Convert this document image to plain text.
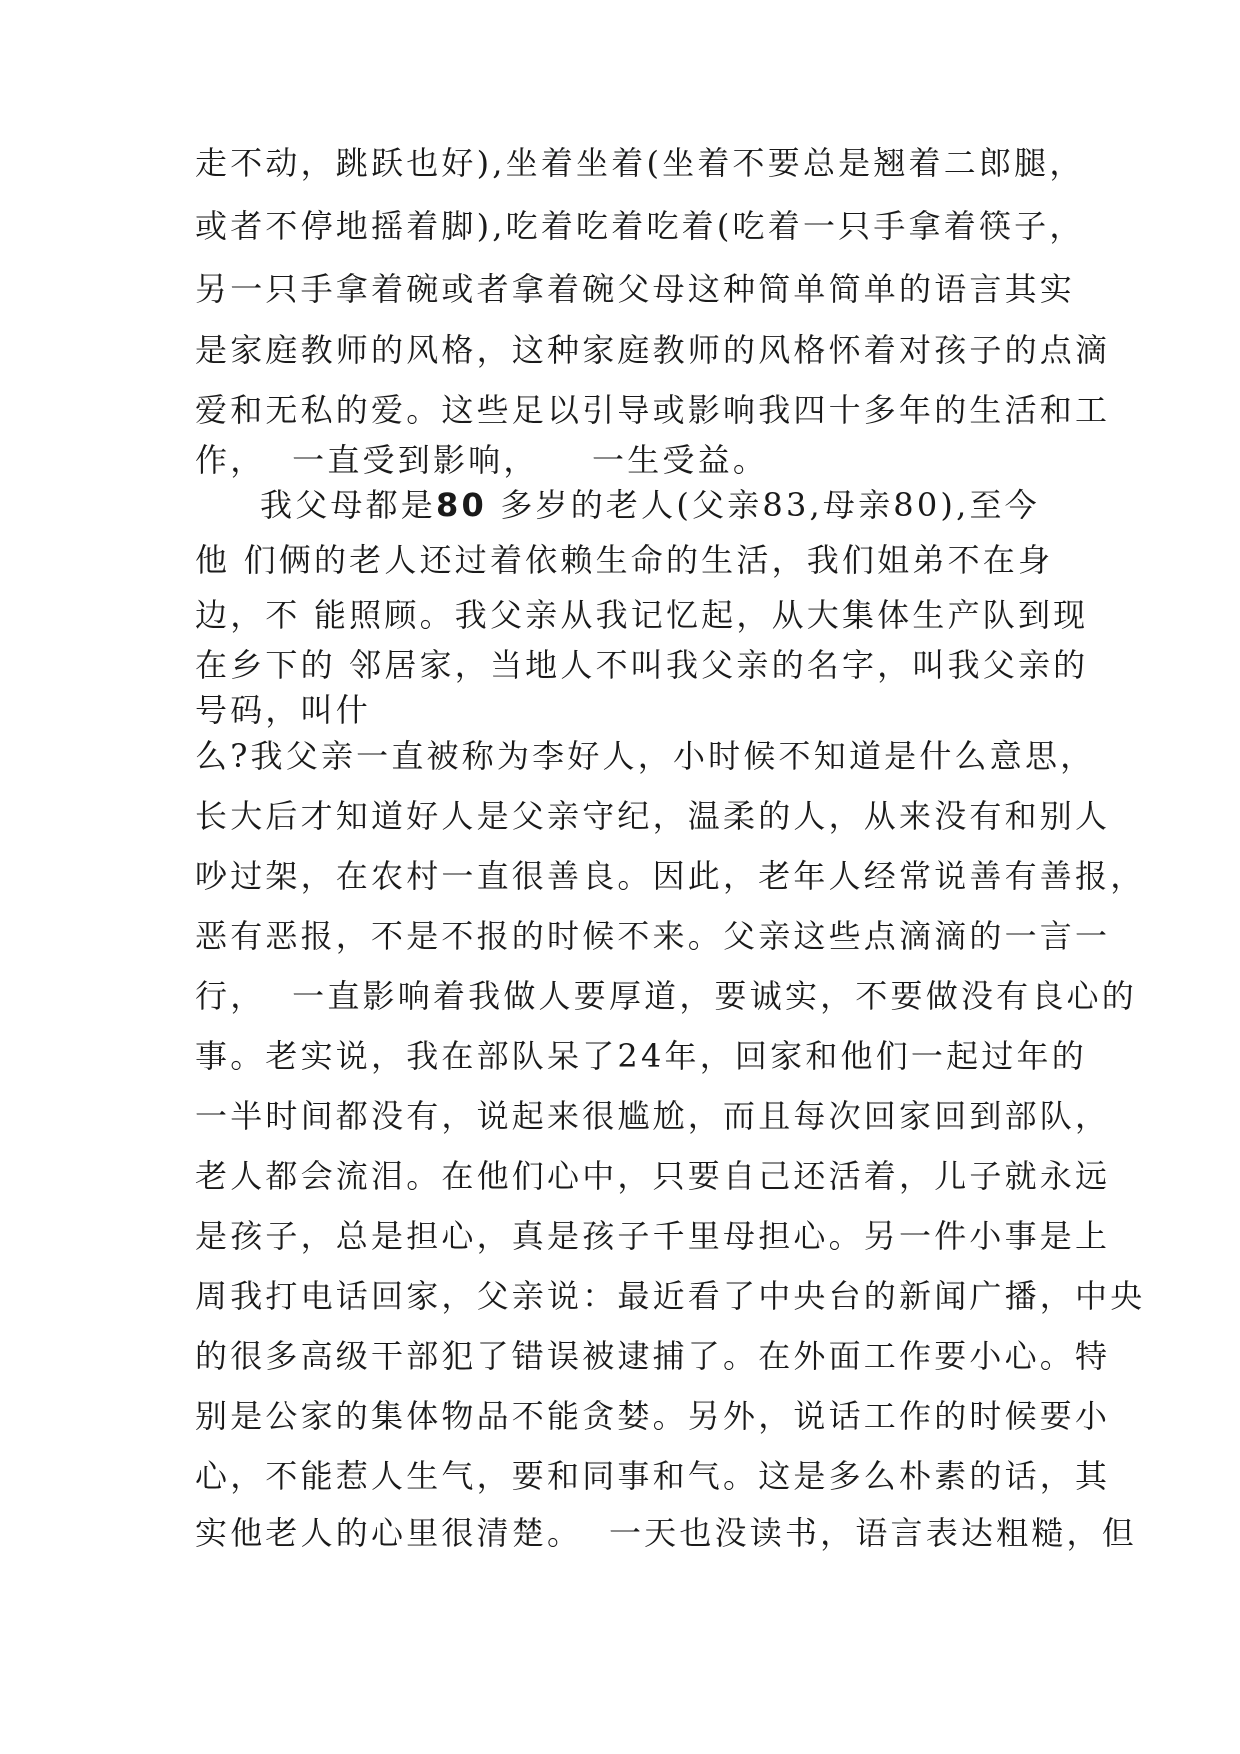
走不动，跳跃也好),坐着坐着(坐着不要总是翘着二郎腿，
或者不停地摇着脚),吃着吃着吃着(吃着一只手拿着筷子，
另一只手拿着碗或者拿着碗父母这种简单简单的语言其实
是家庭教师的风格，这种家庭教师的风格怀着对孩子的点滴
爱和无私的爱。这些足以引导或影响我四十多年的生活和工
作，  一直受到影响，    一生受益。
我父母都是80 多岁的老人(父亲83,母亲80),至今
他 们俩的老人还过着依赖生命的生活，我们姐弟不在身
边，不 能照顾。我父亲从我记忆起，从大集体生产队到现
在乡下的 邻居家，当地人不叫我父亲的名字，叫我父亲的
号码，叫什
么?我父亲一直被称为李好人，小时候不知道是什么意思，
长大后才知道好人是父亲守纪，温柔的人，从来没有和别人
吵过架，在农村一直很善良。因此，老年人经常说善有善报，
恶有恶报，不是不报的时候不来。父亲这些点滴滴的一言一
行，  一直影响着我做人要厚道，要诚实，不要做没有良心的
事。老实说，我在部队呆了24年，回家和他们一起过年的
一半时间都没有，说起来很尴尬，而且每次回家回到部队，
老人都会流泪。在他们心中，只要自己还活着，儿子就永远
是孩子，总是担心，真是孩子千里母担心。另一件小事是上
周我打电话回家，父亲说：最近看了中央台的新闻广播，中央
的很多高级干部犯了错误被逮捕了。在外面工作要小心。特
别是公家的集体物品不能贪婪。另外，说话工作的时候要小
心，不能惹人生气，要和同事和气。这是多么朴素的话，其
实他老人的心里很清楚。  一天也没读书，语言表达粗糙，但
